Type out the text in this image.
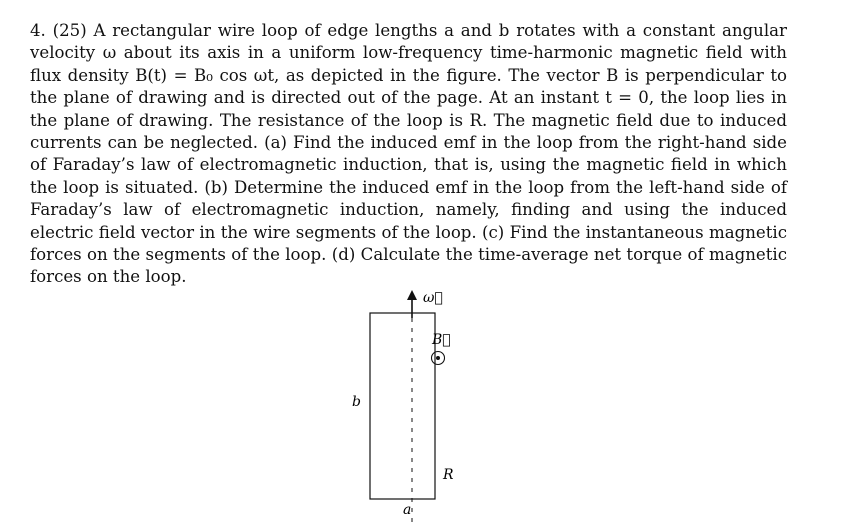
4. (25) A rectangular wire loop of edge lengths a and b rotates with a constant angular velocity ω about its axis in a uniform low-frequency time-harmonic magnetic field with flux density B(t) = B₀ cos ωt, as depicted in the figure. The vector B is perpendicular to the plane of drawing and is directed out of the page. At an instant t = 0, the loop lies in the plane of drawing. The resistance of the loop is R. The magnetic field due to induced currents can be neglected. (a) Find the induced emf in the loop from the right-hand side of Faraday’s law of electromagnetic induction, that is, using the magnetic field in which the loop is situated. (b) Determine the induced emf in the loop from the left-hand side of Faraday’s law of electromagnetic induction, namely, finding and using the induced electric field vector in the wire segments of the loop. (c) Find the instantaneous magnetic forces on the segments of the loop. (d) Calculate the time-average net torque of magnetic forces on the loop.
ω⃗
B⃗
b
a
R
